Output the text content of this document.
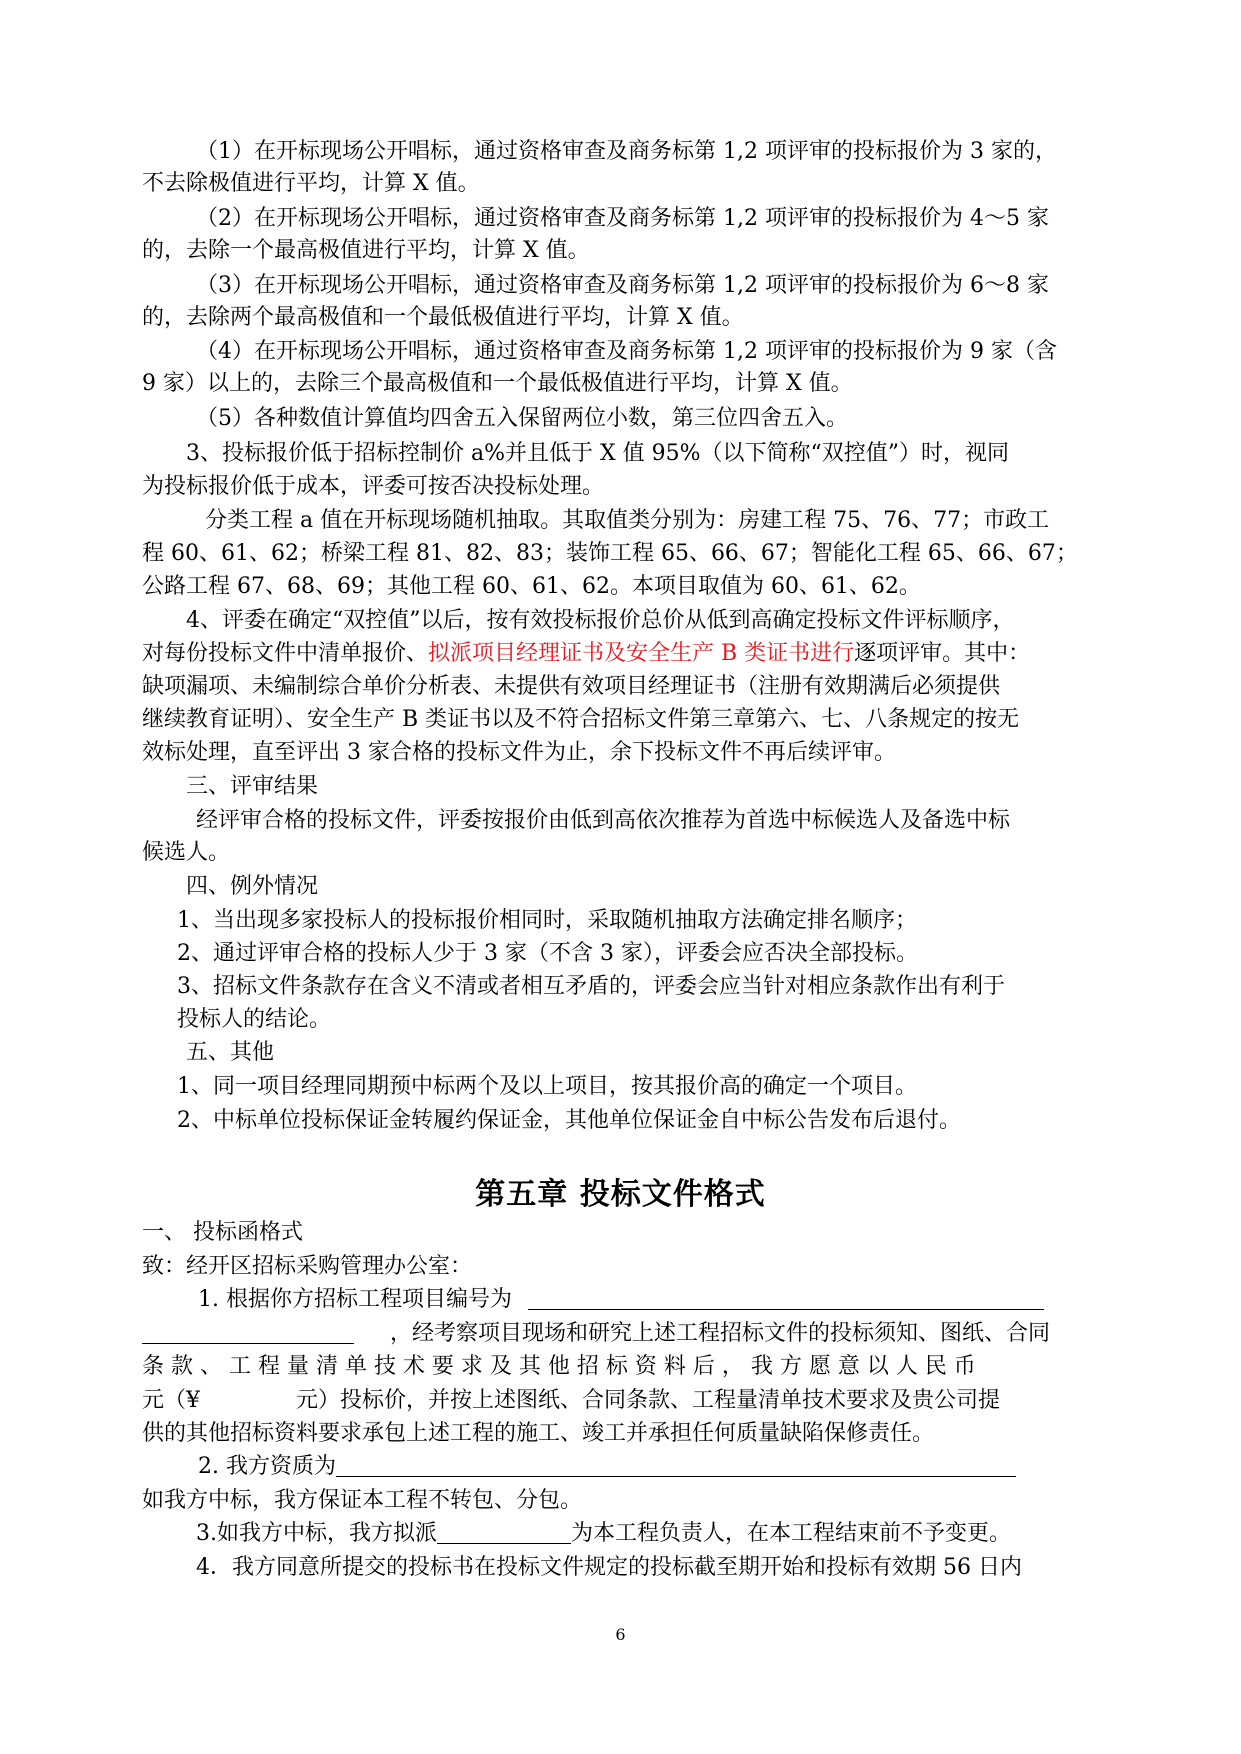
（1）在开标现场公开唱标，通过资格审查及商务标第 1,2 项评审的投标报价为 3 家的，
不去除极值进行平均，计算 X 值。
（2）在开标现场公开唱标，通过资格审查及商务标第 1,2 项评审的投标报价为 4～5 家
的，去除一个最高极值进行平均，计算 X 值。
（3）在开标现场公开唱标，通过资格审查及商务标第 1,2 项评审的投标报价为 6～8 家
的，去除两个最高极值和一个最低极值进行平均，计算 X 值。
（4）在开标现场公开唱标，通过资格审查及商务标第 1,2 项评审的投标报价为 9 家（含
9 家）以上的，去除三个最高极值和一个最低极值进行平均，计算 X 值。
（5）各种数值计算值均四舍五入保留两位小数，第三位四舍五入。
3、投标报价低于招标控制价 a%并且低于 X 值 95%（以下简称“双控值”）时，视同
为投标报价低于成本，评委可按否决投标处理。
分类工程 a 值在开标现场随机抽取。其取值类分别为：房建工程 75、76、77；市政工
程 60、61、62；桥梁工程 81、82、83；装饰工程 65、66、67；智能化工程 65、66、67；
公路工程 67、68、69；其他工程 60、61、62。本项目取值为 60、61、62。
4、评委在确定“双控值”以后，按有效投标报价总价从低到高确定投标文件评标顺序，
对每份投标文件中清单报价、拟派项目经理证书及安全生产 B 类证书进行逐项评审。其中：
缺项漏项、未编制综合单价分析表、未提供有效项目经理证书（注册有效期满后必须提供
继续教育证明）、安全生产 B 类证书以及不符合招标文件第三章第六、七、八条规定的按无
效标处理，直至评出 3 家合格的投标文件为止，余下投标文件不再后续评审。
三、评审结果
经评审合格的投标文件，评委按报价由低到高依次推荐为首选中标候选人及备选中标
候选人。
四、例外情况
1、当出现多家投标人的投标报价相同时，采取随机抽取方法确定排名顺序；
2、通过评审合格的投标人少于 3 家（不含 3 家），评委会应否决全部投标。
3、招标文件条款存在含义不清或者相互矛盾的，评委会应当针对相应条款作出有利于
投标人的结论。
五、其他
1、同一项目经理同期预中标两个及以上项目，按其报价高的确定一个项目。
2、中标单位投标保证金转履约保证金，其他单位保证金自中标公告发布后退付。
第五章 投标文件格式
一、 投标函格式
致：经开区招标采购管理办公室：
1. 根据你方招标工程项目编号为
，经考察项目现场和研究上述工程招标文件的投标须知、图纸、合同
条 款 、 工 程 量 清 单 技 术 要 求 及 其 他 招 标 资 料 后 ， 我 方 愿 意 以 人 民 币
元（¥	元）投标价，并按上述图纸、合同条款、工程量清单技术要求及贵公司提
供的其他招标资料要求承包上述工程的施工、竣工并承担任何质量缺陷保修责任。
2. 我方资质为
如我方中标，我方保证本工程不转包、分包。
3.如我方中标，我方拟派	为本工程负责人，在本工程结束前不予变更。
4．我方同意所提交的投标书在投标文件规定的投标截至期开始和投标有效期 56 日内
6
